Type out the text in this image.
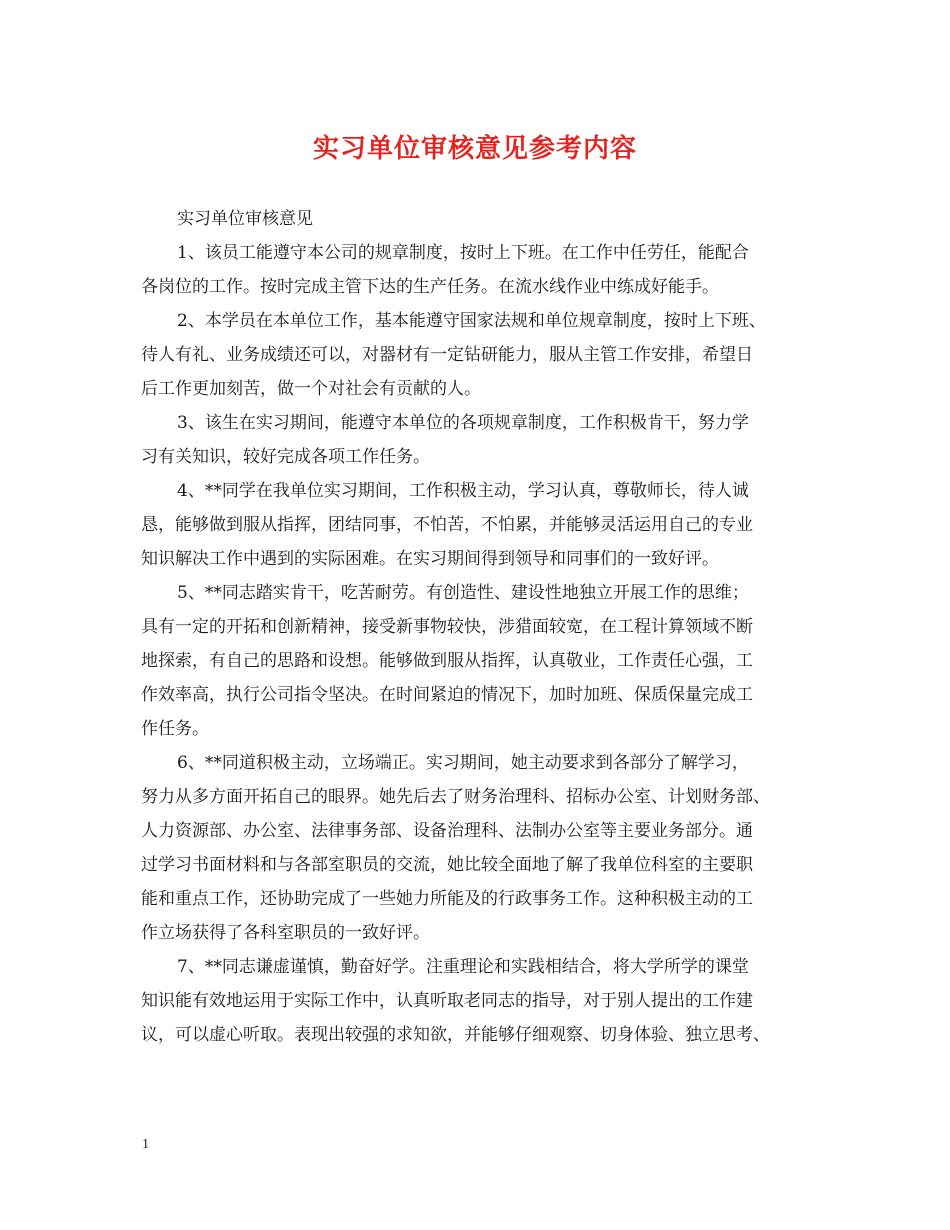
实习单位审核意见参考内容
实习单位审核意见
1、该员工能遵守本公司的规章制度，按时上下班。在工作中任劳任，能配合
各岗位的工作。按时完成主管下达的生产任务。在流水线作业中练成好能手。
2、本学员在本单位工作，基本能遵守国家法规和单位规章制度，按时上下班、
待人有礼、业务成绩还可以，对器材有一定钻研能力，服从主管工作安排，希望日
后工作更加刻苦，做一个对社会有贡献的人。
3、该生在实习期间，能遵守本单位的各项规章制度，工作积极肯干，努力学
习有关知识，较好完成各项工作任务。
4、**同学在我单位实习期间，工作积极主动，学习认真，尊敬师长，待人诚
恳，能够做到服从指挥，团结同事，不怕苦，不怕累，并能够灵活运用自己的专业
知识解决工作中遇到的实际困难。在实习期间得到领导和同事们的一致好评。
5、**同志踏实肯干，吃苦耐劳。有创造性、建设性地独立开展工作的思维；
具有一定的开拓和创新精神，接受新事物较快，涉猎面较宽，在工程计算领域不断
地探索，有自己的思路和设想。能够做到服从指挥，认真敬业，工作责任心强，工
作效率高，执行公司指令坚决。在时间紧迫的情况下，加时加班、保质保量完成工
作任务。
6、**同道积极主动，立场端正。实习期间，她主动要求到各部分了解学习，
努力从多方面开拓自己的眼界。她先后去了财务治理科、招标办公室、计划财务部、
人力资源部、办公室、法律事务部、设备治理科、法制办公室等主要业务部分。通
过学习书面材料和与各部室职员的交流，她比较全面地了解了我单位科室的主要职
能和重点工作，还协助完成了一些她力所能及的行政事务工作。这种积极主动的工
作立场获得了各科室职员的一致好评。
7、**同志谦虚谨慎，勤奋好学。注重理论和实践相结合，将大学所学的课堂
知识能有效地运用于实际工作中，认真听取老同志的指导，对于别人提出的工作建
议，可以虚心听取。表现出较强的求知欲，并能够仔细观察、切身体验、独立思考、
1
